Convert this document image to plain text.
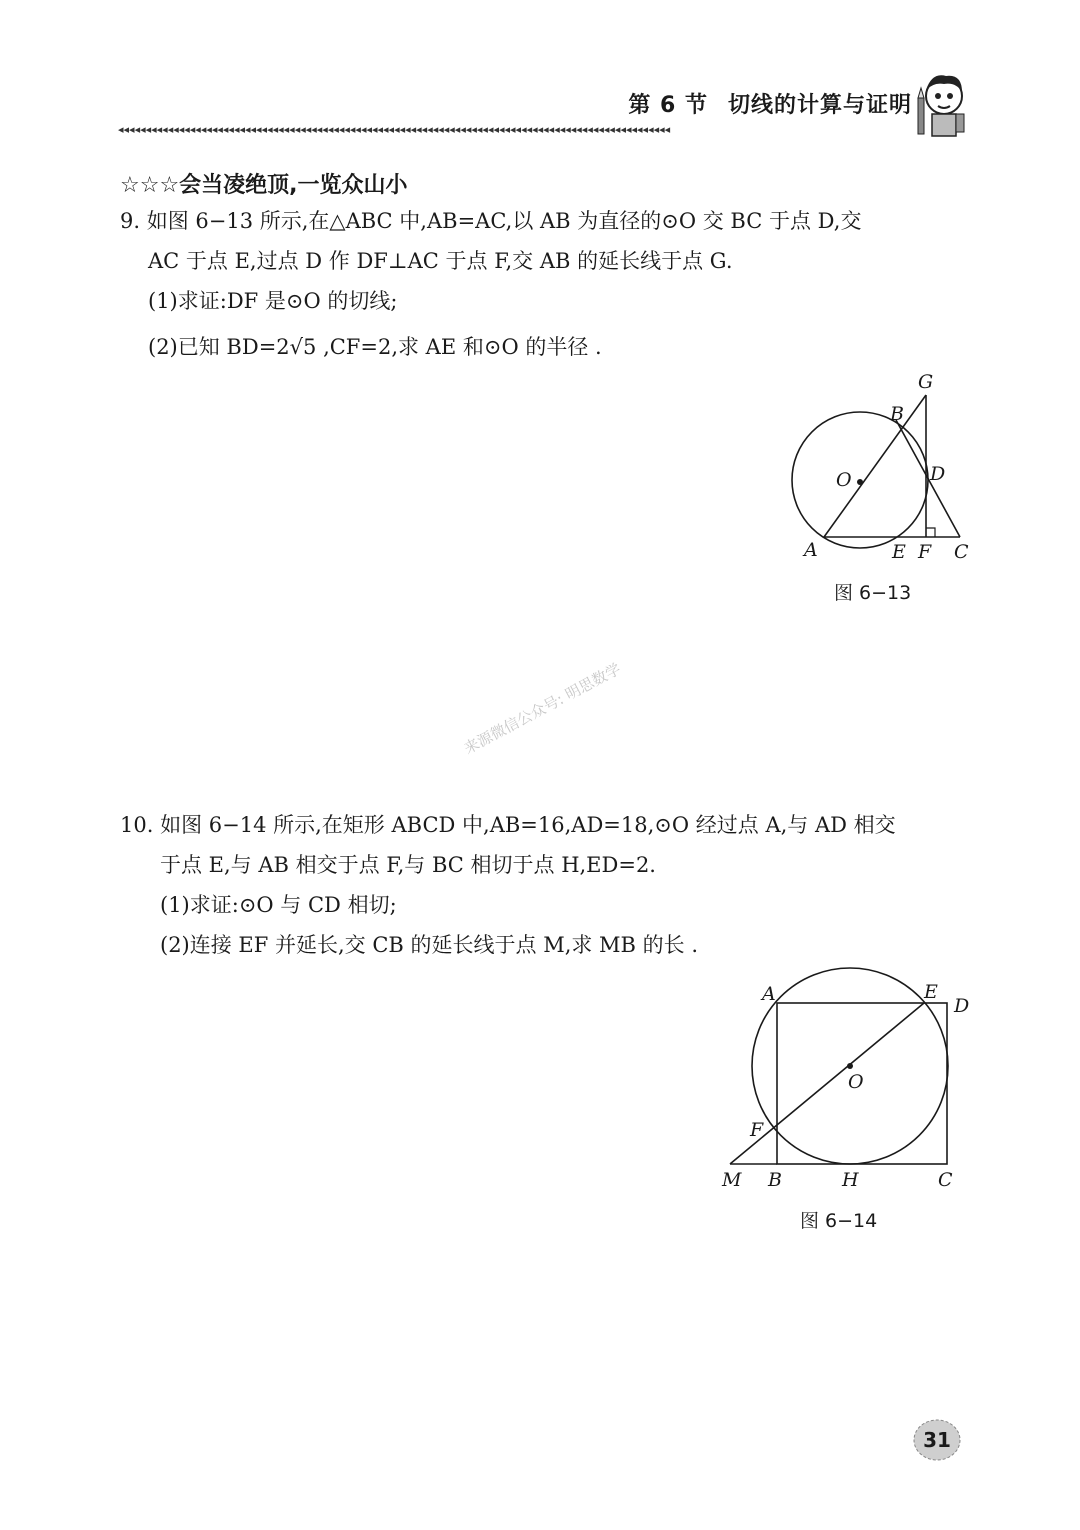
第 6 节 切线的计算与证明
◂◂◂◂◂◂◂◂◂◂◂◂◂◂◂◂◂◂◂◂◂◂◂◂◂◂◂◂◂◂◂◂◂◂◂◂◂◂◂◂◂◂◂◂◂◂◂◂◂◂◂◂◂◂◂◂◂◂◂◂◂◂◂◂◂◂◂◂◂◂◂◂◂◂◂◂◂◂◂◂◂◂◂◂◂◂◂◂◂◂◂◂◂◂◂◂◂◂◂◂
☆☆☆会当凌绝顶,一览众山小
9. 如图 6−13 所示,在△ABC 中,AB=AC,以 AB 为直径的⊙O 交 BC 于点 D,交
AC 于点 E,过点 D 作 DF⊥AC 于点 F,交 AB 的延长线于点 G.
(1)求证:DF 是⊙O 的切线;
(2)已知 BD=2√5 ,CF=2,求 AE 和⊙O 的半径 .
G
B
O	D
A	E F C
图 6−13
来源微信公众号: 明思数学
10. 如图 6−14 所示,在矩形 ABCD 中,AB=16,AD=18,⊙O 经过点 A,与 AD 相交
于点 E,与 AB 相交于点 F,与 BC 相切于点 H,ED=2.
(1)求证:⊙O 与 CD 相切;
(2)连接 EF 并延长,交 CB 的延长线于点 M,求 MB 的长 .
A	E
D
O
F
M B	H	C
图 6−14
31
